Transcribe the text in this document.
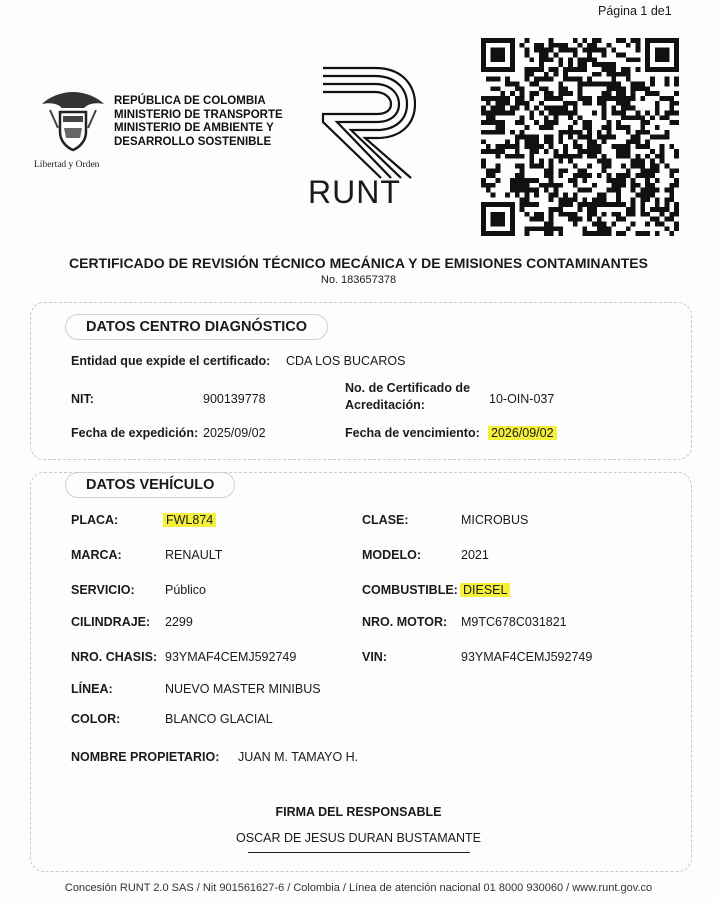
Página 1 de1
Libertad y Orden
REPÚBLICA DE COLOMBIA
MINISTERIO DE TRANSPORTE
MINISTERIO DE AMBIENTE Y
DESARROLLO SOSTENIBLE
RUNT
CERTIFICADO DE REVISIÓN TÉCNICO MECÁNICA Y DE EMISIONES CONTAMINANTES
No. 183657378
DATOS CENTRO DIAGNÓSTICO
Entidad que expide el certificado: CDA LOS BUCAROS
NIT:	900139778
No. de Certificado de
Acreditación:	10-OIN-037
Fecha de expedición: 2025/09/02	Fecha de vencimiento: 2026/09/02
DATOS VEHÍCULO
PLACA:	FWL874	CLASE:	MICROBUS
MARCA:	RENAULT	MODELO:	2021
SERVICIO: Público	COMBUSTIBLE: DIESEL
CILINDRAJE: 2299	NRO. MOTOR: M9TC678C031821
NRO. CHASIS: 93YMAF4CEMJ592749	VIN:	93YMAF4CEMJ592749
LÍNEA:	NUEVO MASTER MINIBUS
COLOR:	BLANCO GLACIAL
NOMBRE PROPIETARIO: JUAN M. TAMAYO H.
FIRMA DEL RESPONSABLE
OSCAR DE JESUS DURAN BUSTAMANTE
Concesión RUNT 2.0 SAS / Nit 901561627-6 / Colombia / Línea de atención nacional 01 8000 930060 / www.runt.gov.co
